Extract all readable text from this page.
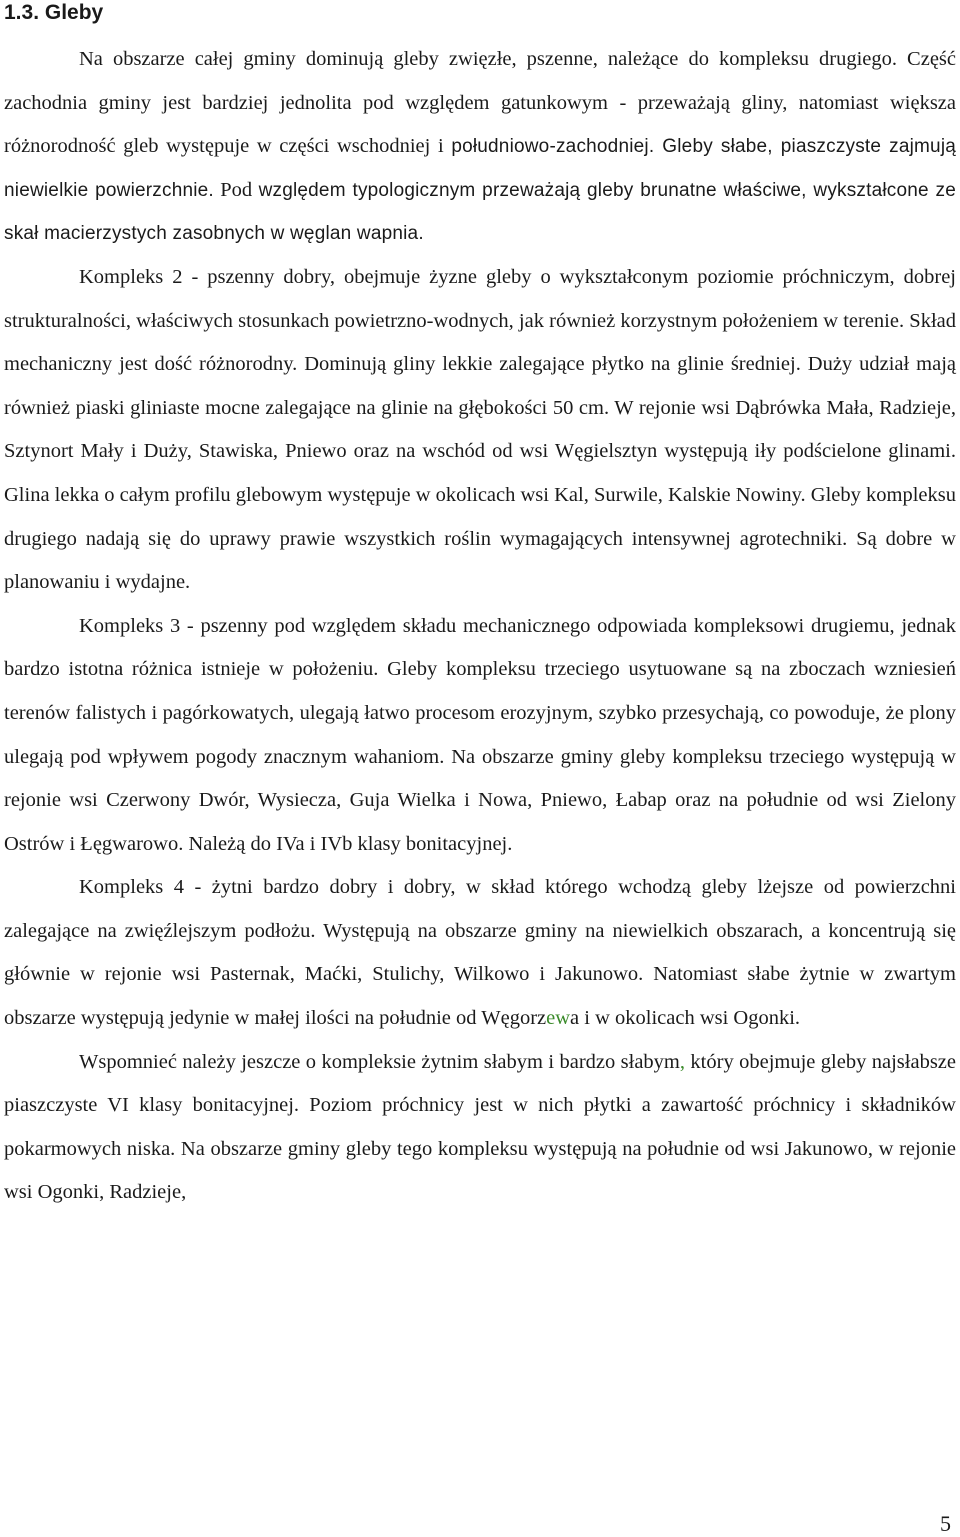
1.3. Gleby

Na obszarze całej gminy dominują gleby zwięzłe, pszenne, należące do kompleksu drugiego. Część zachodnia gminy jest bardziej jednolita pod względem gatunkowym - przeważają gliny, natomiast większa różnorodność gleb występuje w części wschodniej i południowo-zachodniej. Gleby słabe, piaszczyste zajmują niewielkie powierzchnie. Pod względem typologicznym przeważają gleby brunatne właściwe, wykształcone ze skał macierzystych zasobnych w węglan wapnia.

Kompleks 2 - pszenny dobry, obejmuje żyzne gleby o wykształconym poziomie próchniczym, dobrej strukturalności, właściwych stosunkach powietrzno-wodnych, jak również korzystnym położeniem w terenie. Skład mechaniczny jest dość różnorodny. Dominują gliny lekkie zalegające płytko na glinie średniej. Duży udział mają również piaski gliniaste mocne zalegające na glinie na głębokości 50 cm. W rejonie wsi Dąbrówka Mała, Radzieje, Sztynort Mały i Duży, Stawiska, Pniewo oraz na wschód od wsi Węgielsztyn występują iły podścielone glinami. Glina lekka o całym profilu glebowym występuje w okolicach wsi Kal, Surwile, Kalskie Nowiny. Gleby kompleksu drugiego nadają się do uprawy prawie wszystkich roślin wymagających intensywnej agrotechniki. Są dobre w planowaniu i wydajne.

Kompleks 3 - pszenny pod względem składu mechanicznego odpowiada kompleksowi drugiemu, jednak bardzo istotna różnica istnieje w położeniu. Gleby kompleksu trzeciego usytuowane są na zboczach wzniesień terenów falistych i pagórkowatych, ulegają łatwo procesom erozyjnym, szybko przesychają, co powoduje, że plony ulegają pod wpływem pogody znacznym wahaniom. Na obszarze gminy gleby kompleksu trzeciego występują w rejonie wsi Czerwony Dwór, Wysiecza, Guja Wielka i Nowa, Pniewo, Łabap oraz na południe od wsi Zielony Ostrów i Łęgwarowo. Należą do IVa i IVb klasy bonitacyjnej.

Kompleks 4 - żytni bardzo dobry i dobry, w skład którego wchodzą gleby lżejsze od powierzchni zalegające na zwięźlejszym podłożu. Występują na obszarze gminy na niewielkich obszarach, a koncentrują się głównie w rejonie wsi Pasternak, Maćki, Stulichy, Wilkowo i Jakunowo. Natomiast słabe żytnie w zwartym obszarze występują jedynie w małej ilości na południe od Węgorzewa i w okolicach wsi Ogonki.

Wspomnieć należy jeszcze o kompleksie żytnim słabym i bardzo słabym, który obejmuje gleby najsłabsze piaszczyste VI klasy bonitacyjnej. Poziom próchnicy jest w nich płytki a zawartość próchnicy i składników pokarmowych niska. Na obszarze gminy gleby tego kompleksu występują na południe od wsi Jakunowo, w rejonie wsi Ogonki, Radzieje,

5
